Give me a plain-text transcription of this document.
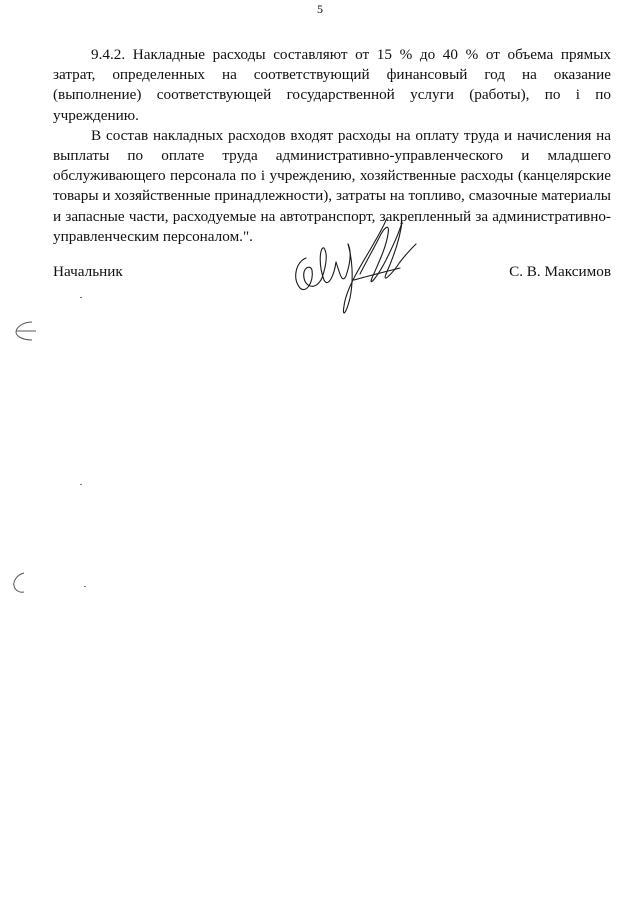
5

9.4.2. Накладные расходы составляют от 15 % до 40 % от объема прямых затрат, определенных на соответствующий финансовый год на оказание (выполнение) соответствующей государственной услуги (работы), по і по учреждению.

В состав накладных расходов входят расходы на оплату труда и начисления на выплаты по оплате труда административно-управленческого и младшего обслуживающего персонала по і учреждению, хозяйственные расходы (канцелярские товары и хозяйственные принадлежности), затраты на топливо, смазочные материалы и запасные части, расходуемые на автотранспорт, закрепленный за административно-управленческим персоналом.".

Начальник	С. В. Максимов
